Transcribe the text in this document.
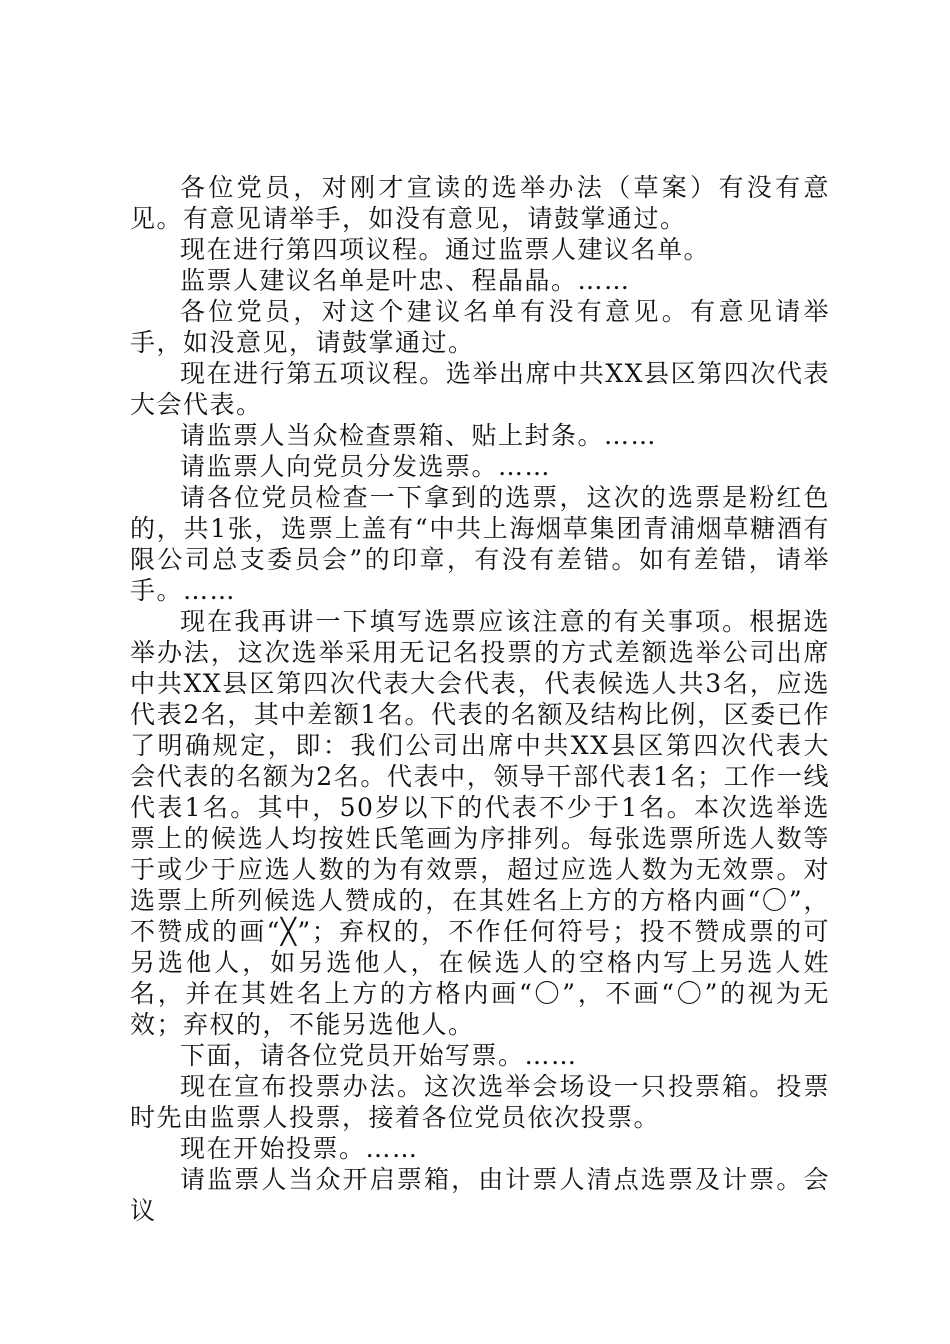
各位党员，对刚才宣读的选举办法（草案）有没有意见。有意见请举手，如没有意见，请鼓掌通过。

现在进行第四项议程。通过监票人建议名单。

监票人建议名单是叶忠、程晶晶。……

各位党员，对这个建议名单有没有意见。有意见请举手，如没意见，请鼓掌通过。

现在进行第五项议程。选举出席中共XX县区第四次代表大会代表。

请监票人当众检查票箱、贴上封条。……

请监票人向党员分发选票。……

请各位党员检查一下拿到的选票，这次的选票是粉红色的，共1张，选票上盖有“中共上海烟草集团青浦烟草糖酒有限公司总支委员会”的印章，有没有差错。如有差错，请举手。……

现在我再讲一下填写选票应该注意的有关事项。根据选举办法，这次选举采用无记名投票的方式差额选举公司出席中共XX县区第四次代表大会代表，代表候选人共3名，应选代表2名，其中差额1名。代表的名额及结构比例，区委已作了明确规定，即：我们公司出席中共XX县区第四次代表大会代表的名额为2名。代表中，领导干部代表1名；工作一线代表1名。其中，50岁以下的代表不少于1名。本次选举选票上的候选人均按姓氏笔画为序排列。每张选票所选人数等于或少于应选人数的为有效票，超过应选人数为无效票。对选票上所列候选人赞成的，在其姓名上方的方格内画“〇”，不赞成的画“╳”；弃权的，不作任何符号；投不赞成票的可另选他人，如另选他人，在候选人的空格内写上另选人姓名，并在其姓名上方的方格内画“〇”，不画“〇”的视为无效；弃权的，不能另选他人。

下面，请各位党员开始写票。……

现在宣布投票办法。这次选举会场设一只投票箱。投票时先由监票人投票，接着各位党员依次投票。

现在开始投票。……

请监票人当众开启票箱，由计票人清点选票及计票。会议
